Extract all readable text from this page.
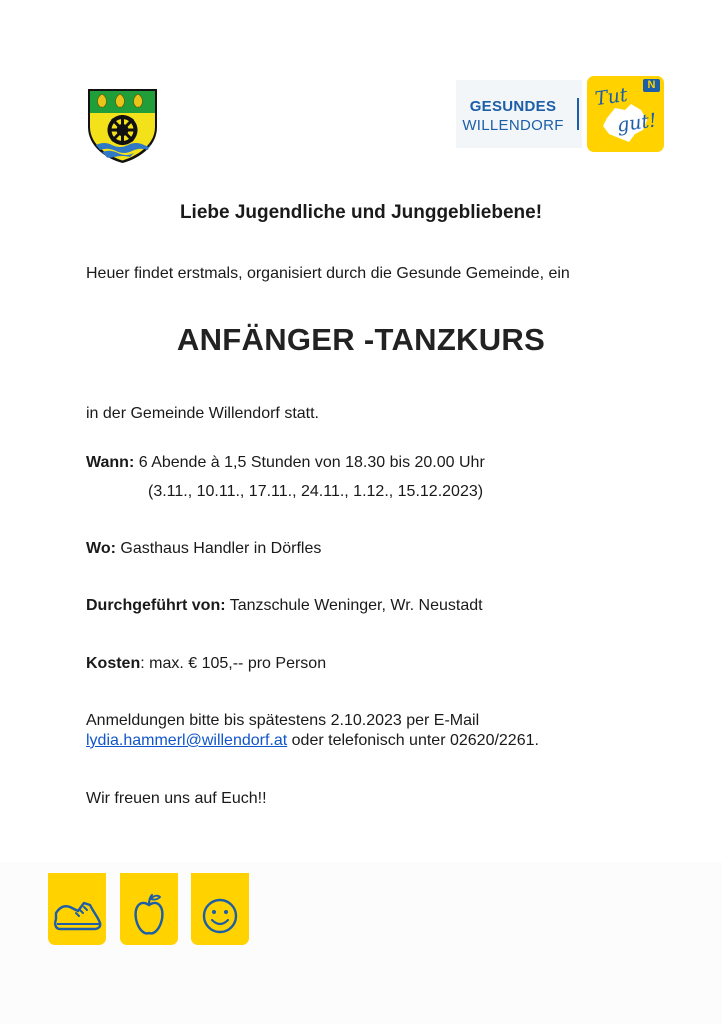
GESUNDES
WILLENDORF
N
Tut
gut!
Liebe Jugendliche und Junggebliebene!
Heuer findet erstmals, organisiert durch die Gesunde Gemeinde, ein
ANFÄNGER -TANZKURS
in der Gemeinde Willendorf statt.
Wann: 6 Abende à 1,5 Stunden von 18.30 bis 20.00 Uhr
(3.11., 10.11., 17.11., 24.11., 1.12., 15.12.2023)
Wo: Gasthaus Handler in Dörfles
Durchgeführt von: Tanzschule Weninger, Wr. Neustadt
Kosten: max. € 105,-- pro Person
Anmeldungen bitte bis spätestens 2.10.2023 per E-Mail
lydia.hammerl@willendorf.at oder telefonisch unter 02620/2261.
Wir freuen uns auf Euch!!
